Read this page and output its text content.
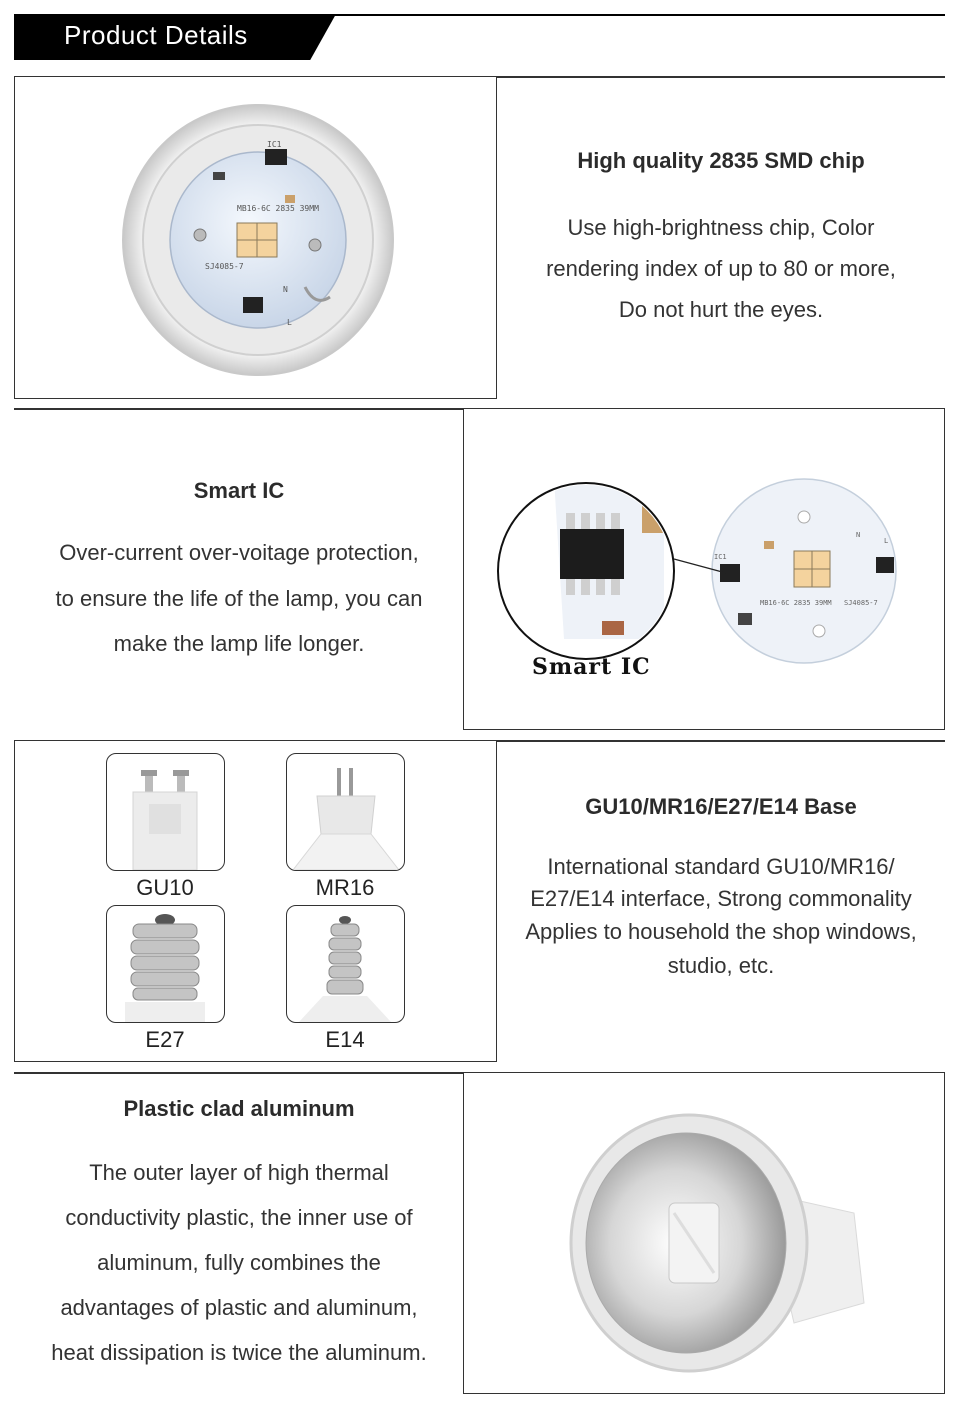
Product Details
IC1
MB16-6C 2835 39MM
SJ4085-7
N
L
High quality 2835 SMD chip
Use high-brightness chip, Color
rendering index of up to 80 or more,
Do not hurt the eyes.
Smart IC
Over-current over-voitage protection,
to ensure the life of the lamp, you can
make the lamp life longer.
IC1
MB16-6C 2835 39MM SJ4085-7
N
L
Smart IC
GU10	MR16
E27	E14
GU10/MR16/E27/E14 Base
International standard GU10/MR16/
E27/E14 interface, Strong commonality
Applies to household the shop windows,
studio, etc.
Plastic clad aluminum
The outer layer of high thermal
conductivity plastic, the inner use of
aluminum, fully combines the
advantages of plastic and aluminum,
heat dissipation is twice the aluminum.
